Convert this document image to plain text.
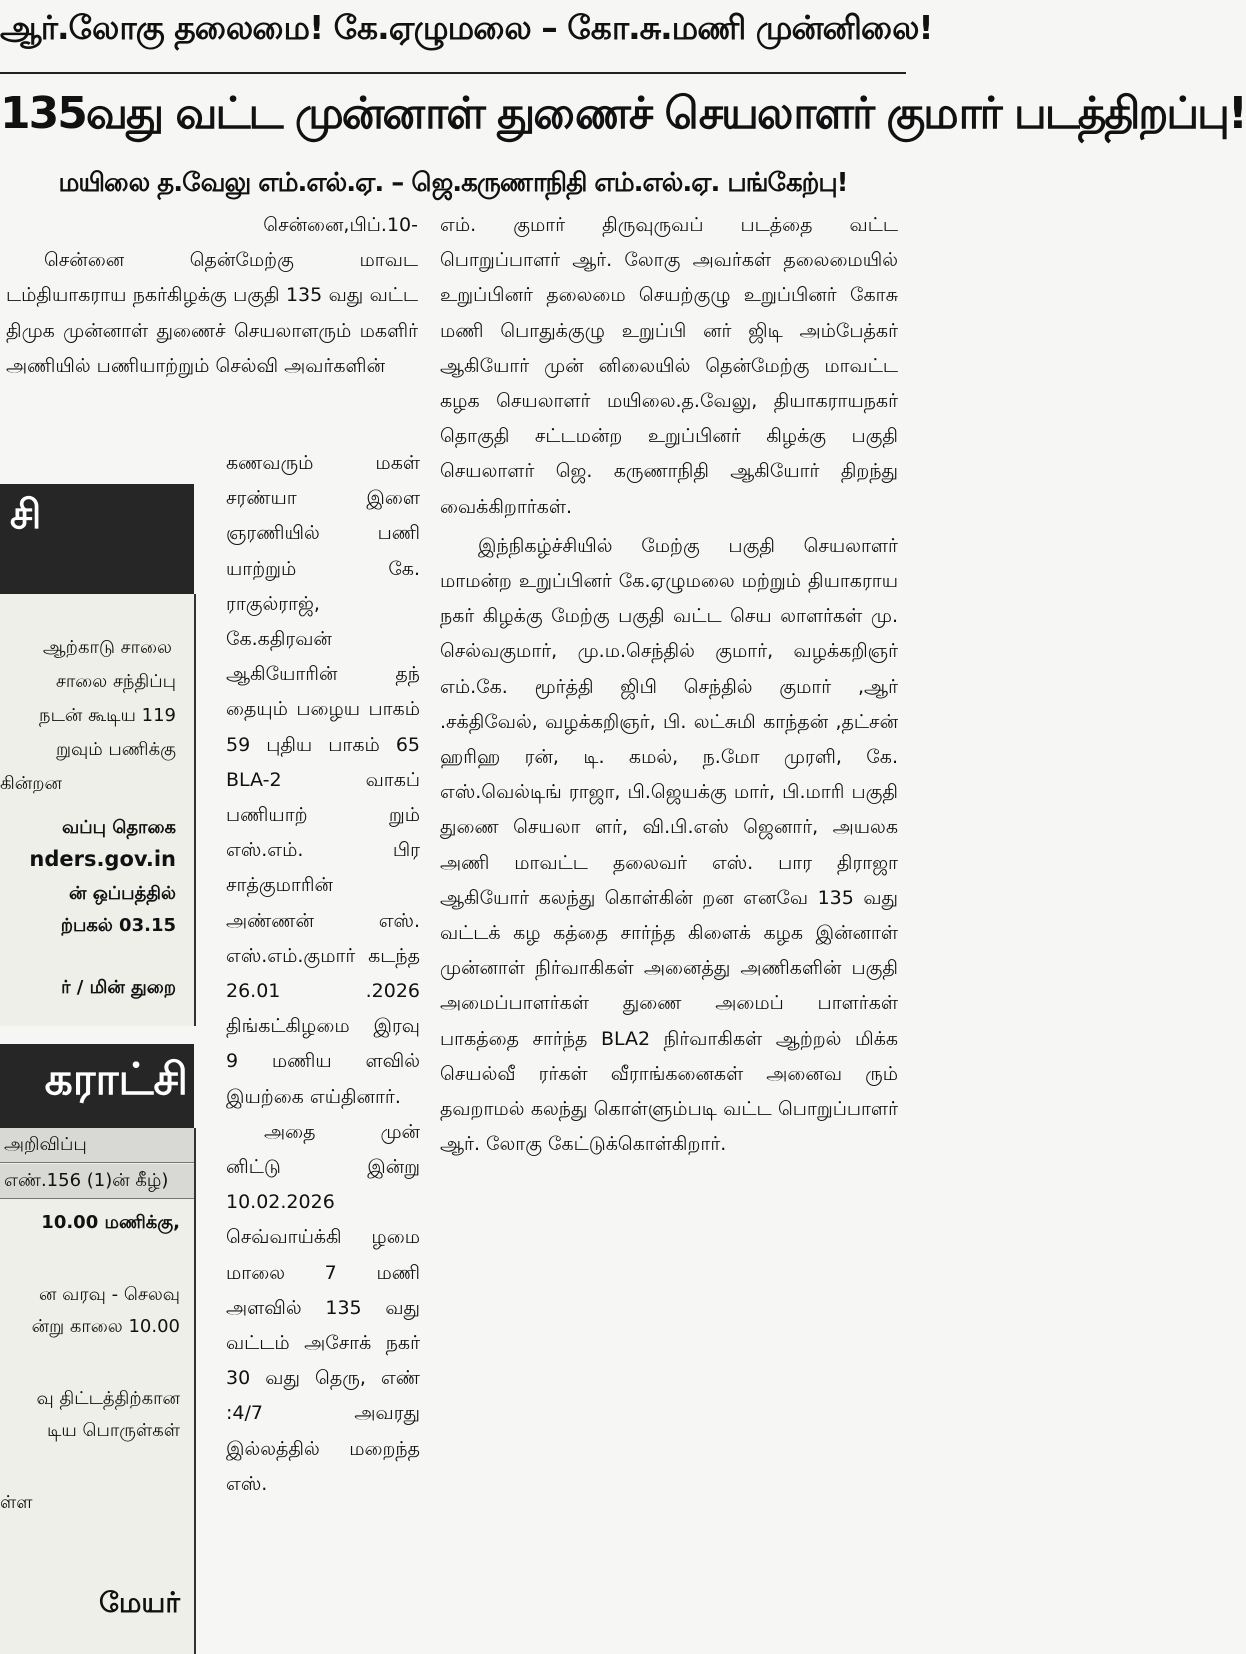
ஆர்.லோகு தலைமை! கே.ஏழுமலை – கோ.சு.மணி முன்னிலை!
135வது வட்ட முன்னாள் துணைச் செயலாளர் குமார் படத்திறப்பு!
மயிலை த.வேலு எம்.எல்.ஏ. – ஜெ.கருணாநிதி எம்.எல்.ஏ. பங்கேற்பு!
சி
ஆற்காடு சாலை
சாலை சந்திப்பு
நடன் கூடிய 119
றுவும் பணிக்கு
கின்றன
வப்பு தொகை
nders.gov.in
ன் ஒப்பத்தில்
ற்பகல் 03.15
ர் / மின் துறை
கராட்சி
அறிவிப்பு
எண்.156 (1)ன் கீழ்)
10.00 மணிக்கு,
ன வரவு - செலவு
ன்று காலை 10.00
வு திட்டத்திற்கான
டிய பொருள்கள்
ள்ள
மேயர்
சென்னை,பிப்.10-

சென்னை தென்மேற்கு மாவட டம்தியாகராய நகர்கிழக்கு பகுதி 135 வது வட்ட திமுக முன்னாள் துணைச் செயலாளரும் மகளிர் அணியில் பணியாற்றும் செல்வி அவர்களின்

கணவரும் மகள் சரண்யா இளை ஞரணியில் பணி யாற்றும் கே. ராகுல்ராஜ், கே.கதிரவன் ஆகியோரின் தந் தையும் பழைய பாகம் 59 புதிய பாகம் 65 BLA-2 வாகப் பணியாற் றும் எஸ்.எம். பிர சாத்குமாரின் அண்ணன் எஸ். எஸ்.எம்.குமார் கடந்த 26.01 .2026 திங்கட்கிழமை இரவு 9 மணிய ளவில் இயற்கை எய்தினார்.

அதை முன் னிட்டு இன்று 10.02.2026 செவ்வாய்க்கி ழமை மாலை 7 மணி அளவில் 135 வது வட்டம் அசோக் நகர் 30 வது தெரு, எண் :4/7 அவரது இல்லத்தில் மறைந்த எஸ்.

எம். குமார் திருவுருவப் படத்தை வட்ட பொறுப்பாளர் ஆர். லோகு அவர்கள் தலைமையில் உறுப்பினர் தலைமை செயற்குழு உறுப்பினர் கோசு மணி பொதுக்குழு உறுப்பி னர் ஜிடி அம்பேத்கர் ஆகியோர் முன் னிலையில் தென்மேற்கு மாவட்ட கழக செயலாளர் மயிலை.த.வேலு, தியாகராயநகர் தொகுதி சட்டமன்ற உறுப்பினர் கிழக்கு பகுதி செயலாளர் ஜெ. கருணாநிதி ஆகியோர் திறந்து வைக்கிறார்கள்.

இந்நிகழ்ச்சியில் மேற்கு பகுதி செயலாளர் மாமன்ற உறுப்பினர் கே.ஏழுமலை மற்றும் தியாகராய நகர் கிழக்கு மேற்கு பகுதி வட்ட செய லாளர்கள் மு. செல்வகுமார், மு.ம.செந்தில் குமார், வழக்கறிஞர் எம்.கே. மூர்த்தி ஜிபி செந்தில் குமார் ,ஆர் .சக்திவேல், வழக்கறிஞர், பி. லட்சுமி காந்தன் ,தட்சன் ஹரிஹ ரன், டி. கமல், ந.மோ முரளி, கே. எஸ்.வெல்டிங் ராஜா, பி.ஜெயக்கு மார், பி.மாரி பகுதி துணை செயலா ளர், வி.பி.எஸ் ஜெனார், அயலக அணி மாவட்ட தலைவர் எஸ். பார திராஜா ஆகியோர் கலந்து கொள்கின் றன எனவே 135 வது வட்டக் கழ கத்தை சார்ந்த கிளைக் கழக இன்னாள் முன்னாள் நிர்வாகிகள் அனைத்து அணிகளின் பகுதி அமைப்பாளர்கள் துணை அமைப் பாளர்கள் பாகத்தை சார்ந்த BLA2 நிர்வாகிகள் ஆற்றல் மிக்க செயல்வீ ரர்கள் வீராங்கனைகள் அனைவ ரும் தவறாமல் கலந்து கொள்ளும்படி வட்ட பொறுப்பாளர் ஆர். லோகு கேட்டுக்கொள்கிறார்.
